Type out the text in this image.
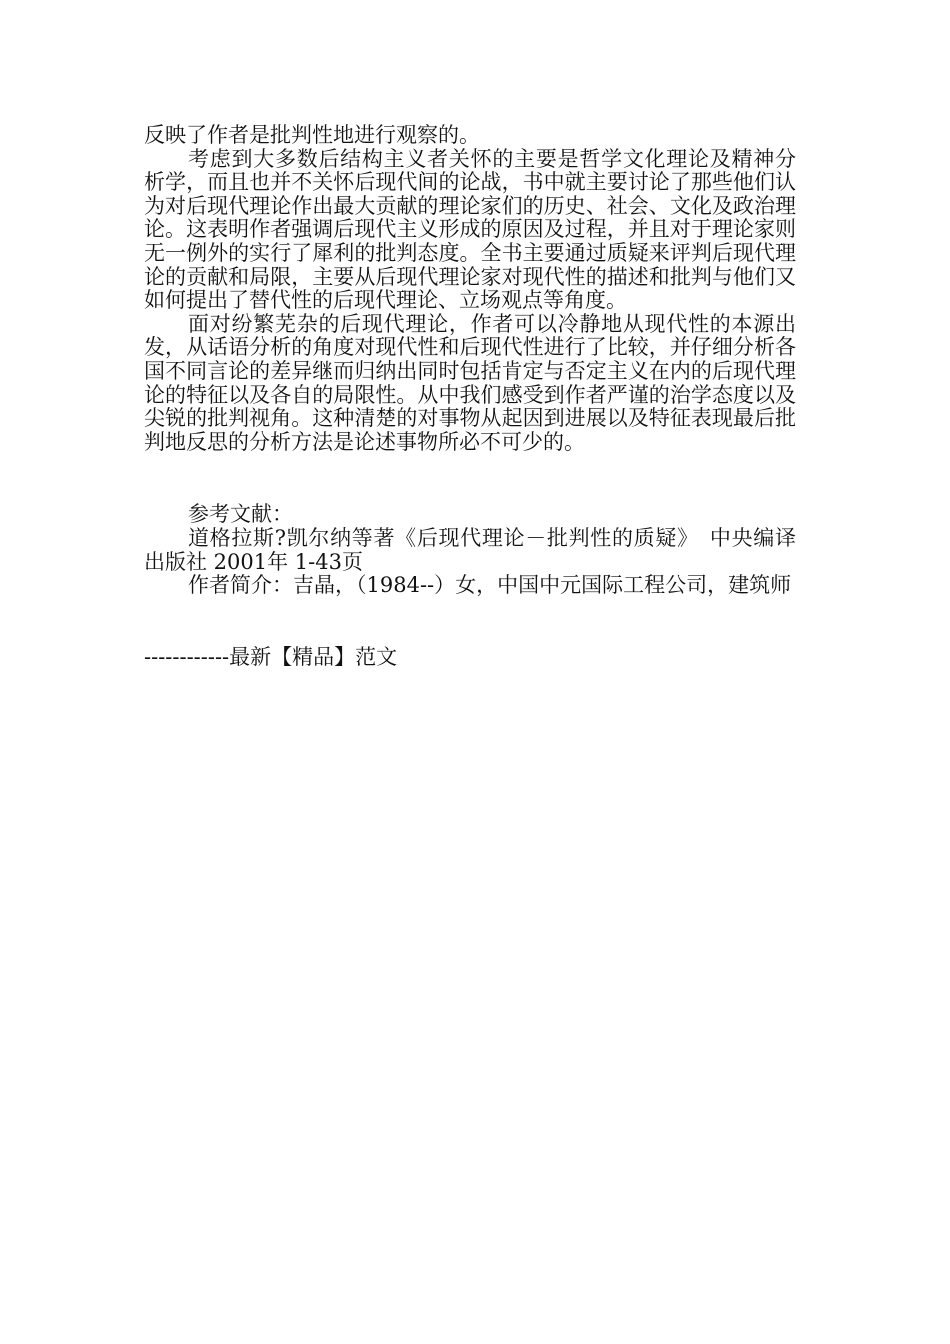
反映了作者是批判性地进行观察的。

考虑到大多数后结构主义者关怀的主要是哲学文化理论及精神分析学，而且也并不关怀后现代间的论战，书中就主要讨论了那些他们认为对后现代理论作出最大贡献的理论家们的历史、社会、文化及政治理论。这表明作者强调后现代主义形成的原因及过程，并且对于理论家则无一例外的实行了犀利的批判态度。全书主要通过质疑来评判后现代理论的贡献和局限，主要从后现代理论家对现代性的描述和批判与他们又如何提出了替代性的后现代理论、立场观点等角度。

面对纷繁芜杂的后现代理论，作者可以冷静地从现代性的本源出发，从话语分析的角度对现代性和后现代性进行了比较，并仔细分析各国不同言论的差异继而归纳出同时包括肯定与否定主义在内的后现代理论的特征以及各自的局限性。从中我们感受到作者严谨的治学态度以及尖锐的批判视角。这种清楚的对事物从起因到进展以及特征表现最后批判地反思的分析方法是论述事物所必不可少的。

参考文献：

道格拉斯?凯尔纳等著《后现代理论－批判性的质疑》　中央编译出版社 2001年 1-43页

作者简介：吉晶，（1984--）女，中国中元国际工程公司，建筑师

------------最新【精品】范文
